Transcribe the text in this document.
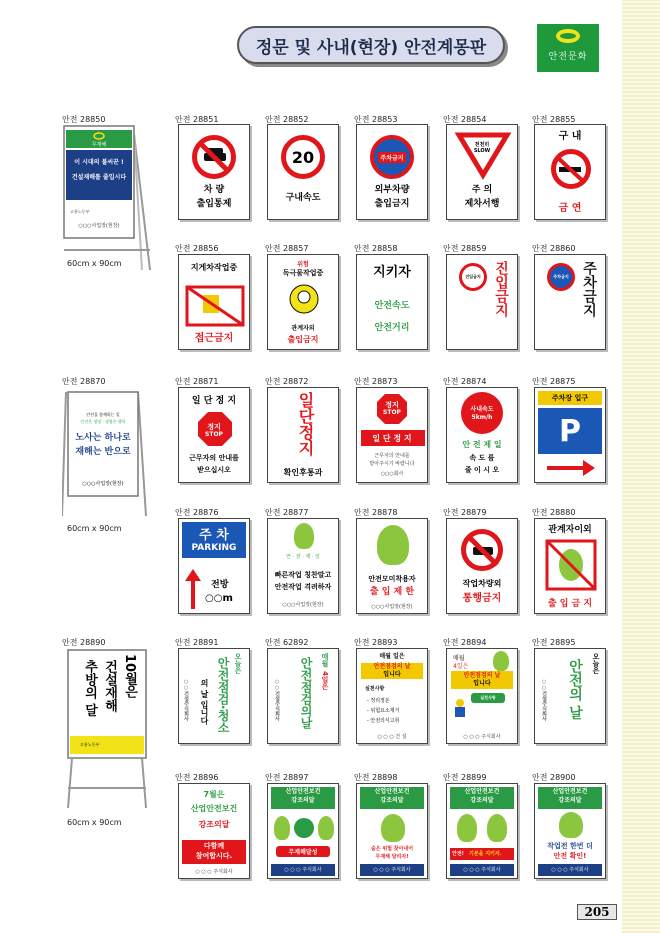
정문 및 사내(현장) 안전계몽판	안전문화
안전 28850
무재해
이 시대의 불씨꾼 !
건설재해를 줄입시다
고용노동부
○○○사업장(현장)
60cm x 90cm
안전 28851
차 량
출입통제
안전 28852
20
구내속도
안전 28853
주차금지
외부차량
출입금지
안전 28854
천천히
SLOW
주 의
제차서행
안전 28855
구 내
금 연
안전 28856
지게차작업중
접근금지
안전 28857
위험
독극물작업중
관계자외
출입금지
안전 28858
지키자
안전속도
안전거리
안전 28859
진입금지 진입금지
안전 28860
주차금지 주차금지
안전 28870
안전을 함께하는 일
안전은 생명 · 생명은 행복
노사는 하나로
재해는 반으로
○○○사업장(현장)
60cm x 90cm
안전 28871
일 단 정 지
정지
STOP
근무자의 안내를
받으십시오
안전 28872
일단정지
확인후통과
안전 28873
정지
STOP
일 단 정 지
근무자의 안내를
받아주시기 바랍니다
○○○회사
안전 28874
사내속도
5km/h
안 전 제 일
속 도 를
줄 이 시 오
안전 28875
주차장 입구
P
안전 28876
주 차
PARKING
전방
○○m
안전 28877
안 · 전 · 제 · 일
빠른작업 칭찬말고
안전작업 격려하자
○○○사업장(현장)
안전 28878
안전모미착용자
출 입 제 한
○○○사업장(현장)
안전 28879
작업차량외
통행금지
안전 28880
관계자이외
출 입 금 지
안전 28890
10월은
건설재해
추방의 달
고용노동부
60cm x 90cm
안전 28891
오늘은
안전점검·청소
의 날 입니다
○○건설주식회사
안전 62892
매월
4일은
안전점검의날
○○건설주식회사
안전 28893
매월 일은
안전점검의 날
입니다
실천사항
- 정리정돈
- 위험요소제거
- 안전의식고취
○ ○ ○ 건 설
안전 28894
매월
4일은
안전점검의 날
입니다
실천사항
○ ○ ○ 주식회사
안전 28895
오늘은
안전의 날
○○건설주식회사
안전 28896
7월은
산업안전보건
강조의달
다함께
참여합시다.
○ ○ ○ 주식회사
안전 28897
산업안전보건
강조의달
무재해달성
○ ○ ○ 주식회사
안전 28898
산업안전보건
강조의달
숨은 위험 찾아내어
무재해 달리자!
○ ○ ○ 주식회사
안전 28899
산업안전보건
강조의달
안전! 기본을 지키자.
○ ○ ○ 주식회사
안전 28900
산업안전보건
강조의달
작업전 한번 더
안전 확인!
○ ○ ○ 주식회사
205
